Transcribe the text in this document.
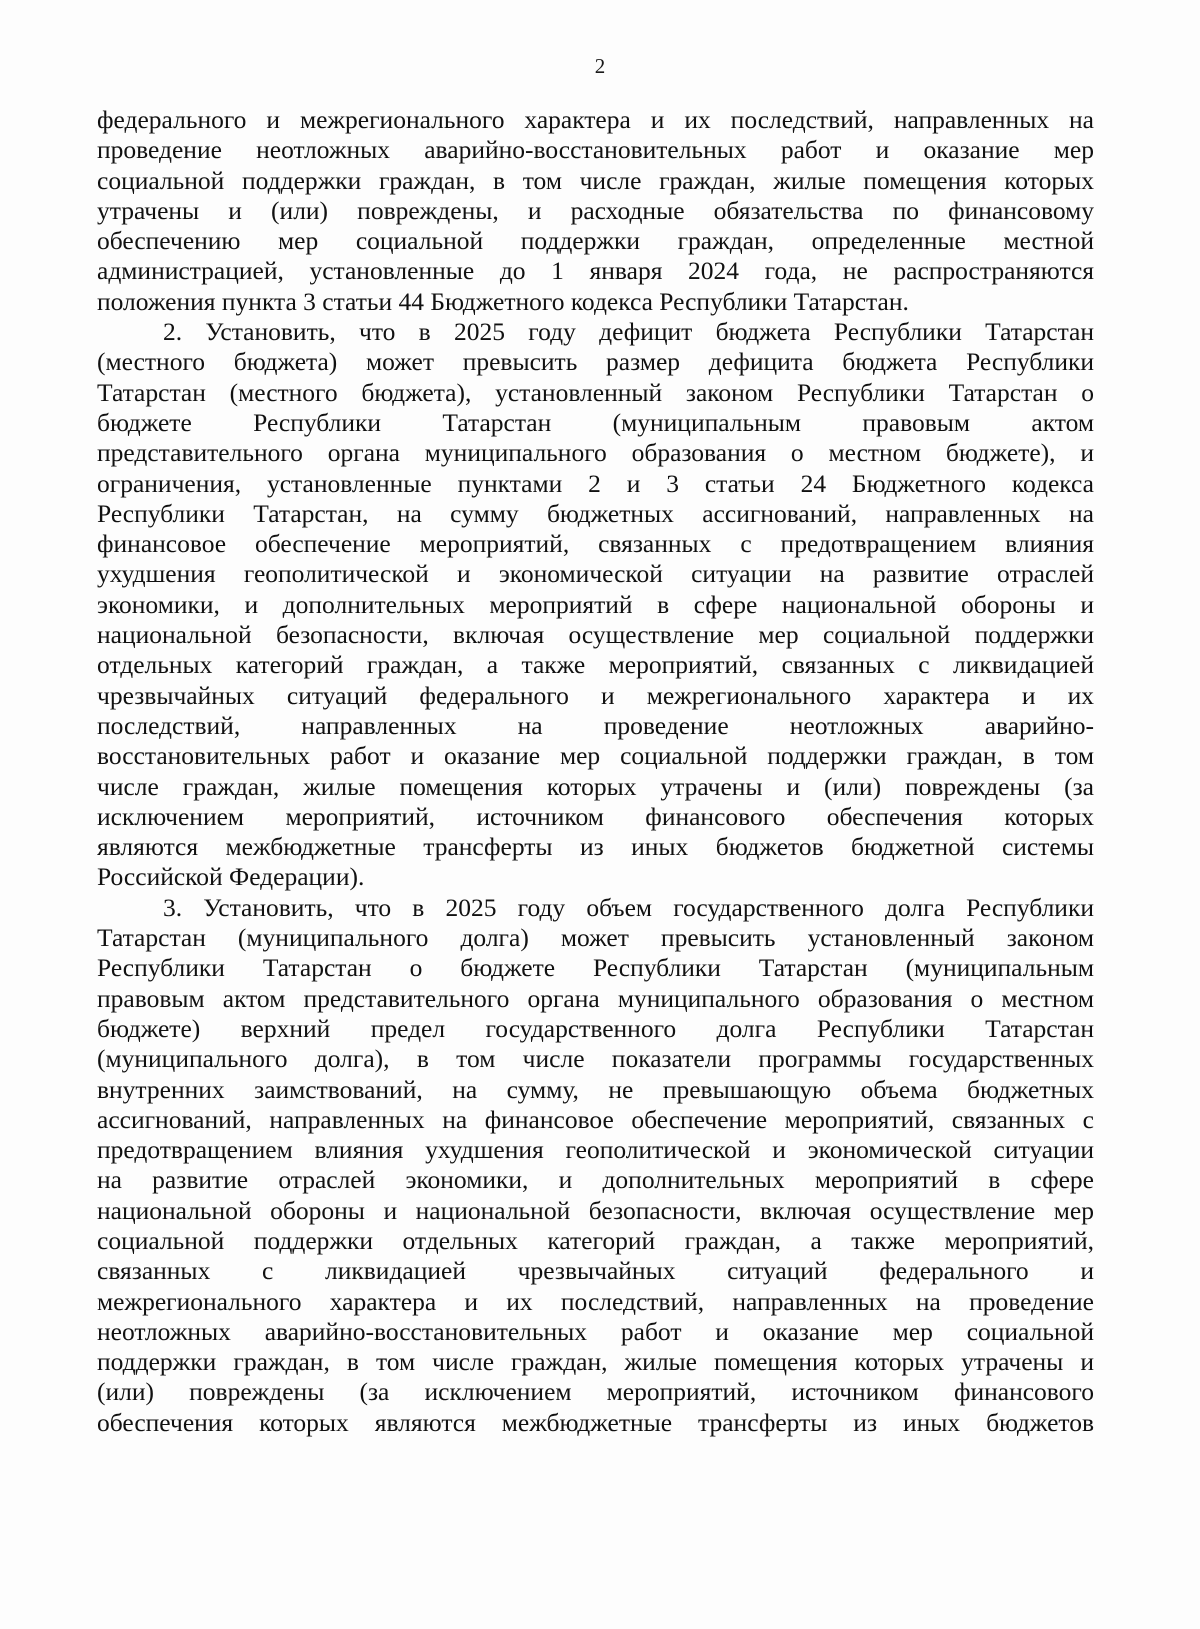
2
федерального и межрегионального характера и их последствий, направленных на
проведение неотложных аварийно-восстановительных работ и оказание мер
социальной поддержки граждан, в том числе граждан, жилые помещения которых
утрачены и (или) повреждены, и расходные обязательства по финансовому
обеспечению мер социальной поддержки граждан, определенные местной
администрацией, установленные до 1 января 2024 года, не распространяются
положения пункта 3 статьи 44 Бюджетного кодекса Республики Татарстан.
2. Установить, что в 2025 году дефицит бюджета Республики Татарстан
(местного бюджета) может превысить размер дефицита бюджета Республики
Татарстан (местного бюджета), установленный законом Республики Татарстан о
бюджете Республики Татарстан (муниципальным правовым актом
представительного органа муниципального образования о местном бюджете), и
ограничения, установленные пунктами 2 и 3 статьи 24 Бюджетного кодекса
Республики Татарстан, на сумму бюджетных ассигнований, направленных на
финансовое обеспечение мероприятий, связанных с предотвращением влияния
ухудшения геополитической и экономической ситуации на развитие отраслей
экономики, и дополнительных мероприятий в сфере национальной обороны и
национальной безопасности, включая осуществление мер социальной поддержки
отдельных категорий граждан, а также мероприятий, связанных с ликвидацией
чрезвычайных ситуаций федерального и межрегионального характера и их
последствий, направленных на проведение неотложных аварийно-
восстановительных работ и оказание мер социальной поддержки граждан, в том
числе граждан, жилые помещения которых утрачены и (или) повреждены (за
исключением мероприятий, источником финансового обеспечения которых
являются межбюджетные трансферты из иных бюджетов бюджетной системы
Российской Федерации).
3. Установить, что в 2025 году объем государственного долга Республики
Татарстан (муниципального долга) может превысить установленный законом
Республики Татарстан о бюджете Республики Татарстан (муниципальным
правовым актом представительного органа муниципального образования о местном
бюджете) верхний предел государственного долга Республики Татарстан
(муниципального долга), в том числе показатели программы государственных
внутренних заимствований, на сумму, не превышающую объема бюджетных
ассигнований, направленных на финансовое обеспечение мероприятий, связанных с
предотвращением влияния ухудшения геополитической и экономической ситуации
на развитие отраслей экономики, и дополнительных мероприятий в сфере
национальной обороны и национальной безопасности, включая осуществление мер
социальной поддержки отдельных категорий граждан, а также мероприятий,
связанных с ликвидацией чрезвычайных ситуаций федерального и
межрегионального характера и их последствий, направленных на проведение
неотложных аварийно-восстановительных работ и оказание мер социальной
поддержки граждан, в том числе граждан, жилые помещения которых утрачены и
(или) повреждены (за исключением мероприятий, источником финансового
обеспечения которых являются межбюджетные трансферты из иных бюджетов
